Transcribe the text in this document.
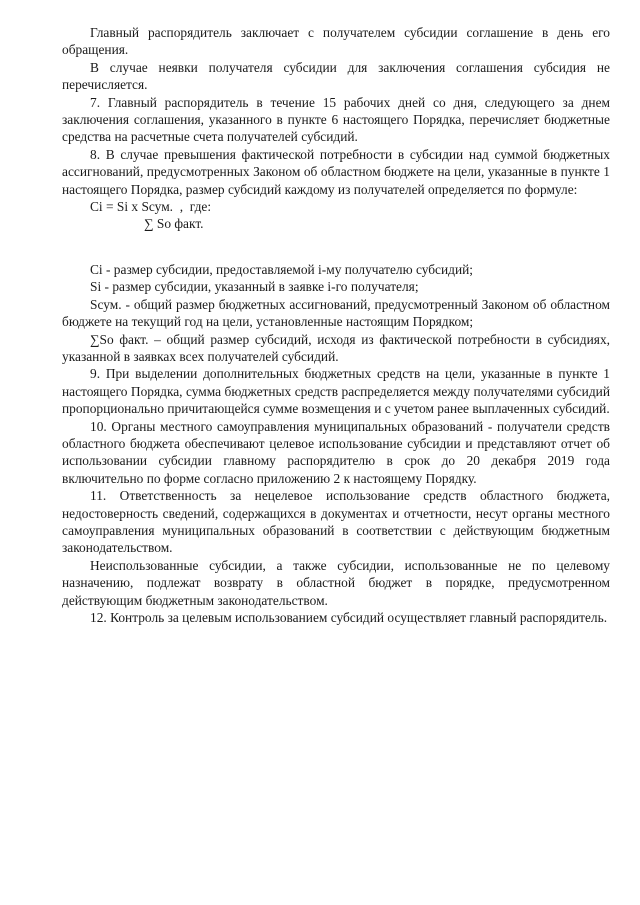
Главный распорядитель заключает с получателем субсидии соглашение в день его обращения.

В случае неявки получателя субсидии для заключения соглашения субсидия не перечисляется.

7. Главный распорядитель в течение 15 рабочих дней со дня, следующего за днем заключения соглашения, указанного в пункте 6 настоящего Порядка, перечисляет бюджетные средства на расчетные счета получателей субсидий.

8. В случае превышения фактической потребности в субсидии над суммой бюджетных ассигнований, предусмотренных Законом об областном бюджете на цели, указанные в пункте 1 настоящего Порядка, размер субсидий каждому из получателей определяется по формуле:

Ci = Si x Sсум.  ,  где:

∑ So факт.

Ci - размер субсидии, предоставляемой i-му получателю субсидий;

Si - размер субсидии, указанный в заявке i-го получателя;

Sсум. - общий размер бюджетных ассигнований, предусмотренный Законом об областном бюджете на текущий год на цели, установленные настоящим Порядком;

∑So факт. – общий размер субсидий, исходя из фактической потребности в субсидиях, указанной в заявках всех получателей субсидий.

9. При выделении дополнительных бюджетных средств на цели, указанные в пункте 1 настоящего Порядка, сумма бюджетных средств распределяется между получателями субсидий пропорционально причитающейся сумме возмещения и с учетом ранее выплаченных субсидий.

10. Органы местного самоуправления муниципальных образований - получатели средств областного бюджета обеспечивают целевое использование субсидии и представляют отчет об использовании субсидии главному распорядителю в срок до 20 декабря 2019 года включительно по форме согласно приложению 2 к настоящему Порядку.

11. Ответственность за нецелевое использование средств областного бюджета, недостоверность сведений, содержащихся в документах и отчетности, несут органы местного самоуправления муниципальных образований в соответствии с действующим бюджетным законодательством.

Неиспользованные субсидии, а также субсидии, использованные не по целевому назначению, подлежат возврату в областной бюджет в порядке, предусмотренном действующим бюджетным законодательством.

12. Контроль за целевым использованием субсидий осуществляет главный распорядитель.
